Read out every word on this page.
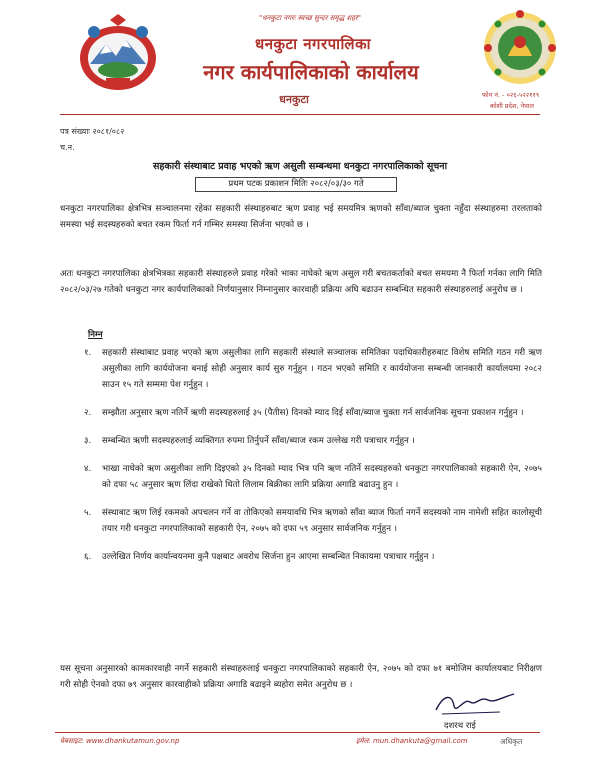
"धनकुटा नगरः स्वच्छ सुन्दर समृद्ध शहर"
धनकुटा नगरपालिका
नगर कार्यपालिकाको कार्यालय
धनकुटा	फोन नं. - ०२६-५२२११९
कोशी प्रदेश, नेपाल
पत्र संख्याः २०८१/०८२
च.न.
सहकारी संस्थाबाट प्रवाह भएको ऋण असुली सम्बन्धमा धनकुटा नगरपालिकाको सूचना
प्रथम पटक प्रकाशन मितिः २०८२/०३/३० गते
धनकुटा नगरपालिका क्षेत्रभित्र सञ्चालनमा रहेका सहकारी संस्थाहरुबाट ऋण प्रवाह भई समयमित्र ऋणको साँवा/ब्याज चुक्ता नहुँदा संस्थाहरुमा तरलताको समस्या भई सदस्यहरुको बचत रकम फिर्ता गर्न गम्भिर समस्या सिर्जना भएको छ ।
अतः धनकुटा नगरपालिका क्षेत्रभित्रका सहकारी संस्थाहरुले प्रवाह गरेको भाका नाघेको ऋण असुल गरी बचतकर्ताको बचत समयमा नै फिर्ता गर्नका लागि मिति २०८२/०३/२७ गतेको धनकुटा नगर कार्यपालिकाको निर्णयानुसार निम्नानुसार कारवाही प्रक्रिया अघि बढाउन सम्बन्धित सहकारी संस्थाहरुलाई अनुरोध छ ।
निम्न
१. सहकारी संस्थाबाट प्रवाह भएको ऋण असुलीका लागि सहकारी संस्थाले सञ्चालक समितिका पदाधिकारीहरुबाट विशेष समिति गठन गरी ऋण असुलीका लागि कार्ययोजना बनाई सोही अनुसार कार्य सुरु गर्नुहुन । गठन भएको समिति र कार्ययोजना सम्बन्धी जानकारी कार्यालयमा २०८२ साउन १५ गते सम्ममा पेश गर्नुहुन ।
२. सम्झौता अनुसार ऋण नतिर्ने ऋणी सदस्यहरुलाई ३५ (पैतीस) दिनको म्याद दिई साँवा/ब्याज चुक्ता गर्न सार्वजनिक सूचना प्रकाशन गर्नुहुन ।
३. सम्बन्धित ऋणी सदस्यहरुलाई व्यक्तिगत रुपमा तिर्नुपर्ने साँवा/ब्याज रकम उल्लेख गरी पत्राचार गर्नुहुन ।
४. भाखा नाघेको ऋण असुलीका लागि दिइएको ३५ दिनको म्याद भित्र पनि ऋण नतिर्ने सदस्यहरुको धनकुटा नगरपालिकाको सहकारी ऐन, २०७५ को दफा ५८ अनुसार ऋण लिंदा राखेको धितो लिलाम बिक्रीका लागि प्रक्रिया अगाडि बढाउनु हुन ।
५. संस्थाबाट ऋण लिई रकमको अपचलन गर्ने वा तोकिएको समयावधि भित्र ऋणको साँवा ब्याज फिर्ता नगर्ने सदस्यको नाम नामेशी सहित कालोसूची तयार गरी धनकुटा नगरपालिकाको सहकारी ऐन, २०७५ को दफा ५९ अनुसार सार्वजनिक गर्नुहुन ।
६. उल्लेखित निर्णय कार्यान्वयनमा कुनै पक्षबाट अवरोध सिर्जना हुन आएमा सम्बन्धित निकायमा पत्राचार गर्नुहुन ।
यस सूचना अनुसारको कामकारवाही नगर्ने सहकारी संस्थाहरुलाई धनकुटा नगरपालिकाको सहकारी ऐन, २०७५ को दफा ७१ बमोजिम कार्यालयबाट निरीक्षण गरी सोही ऐनको दफा ७९ अनुसार कारवाहीको प्रक्रिया अगाडि बढाइने ब्यहोरा समेत अनुरोध छ ।
दशरथ राई
वेबसाइट: www.dhankutamun.gov.np	इमेल: mun.dhankuta@gmail.com	अधिकृत
